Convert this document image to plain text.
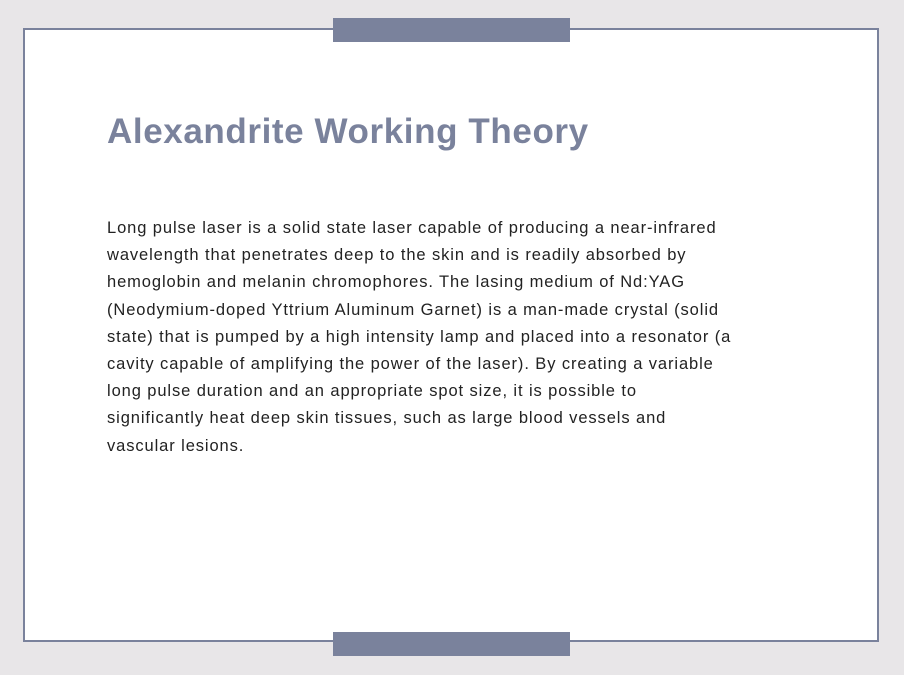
Alexandrite Working Theory

Long pulse laser is a solid state laser capable of producing a near-infrared
wavelength that penetrates deep to the skin and is readily absorbed by
hemoglobin and melanin chromophores. The lasing medium of Nd:YAG
(Neodymium-doped Yttrium Aluminum Garnet) is a man-made crystal (solid
state) that is pumped by a high intensity lamp and placed into a resonator (a
cavity capable of amplifying the power of the laser). By creating a variable
long pulse duration and an appropriate spot size, it is possible to
significantly heat deep skin tissues, such as large blood vessels and
vascular lesions.
